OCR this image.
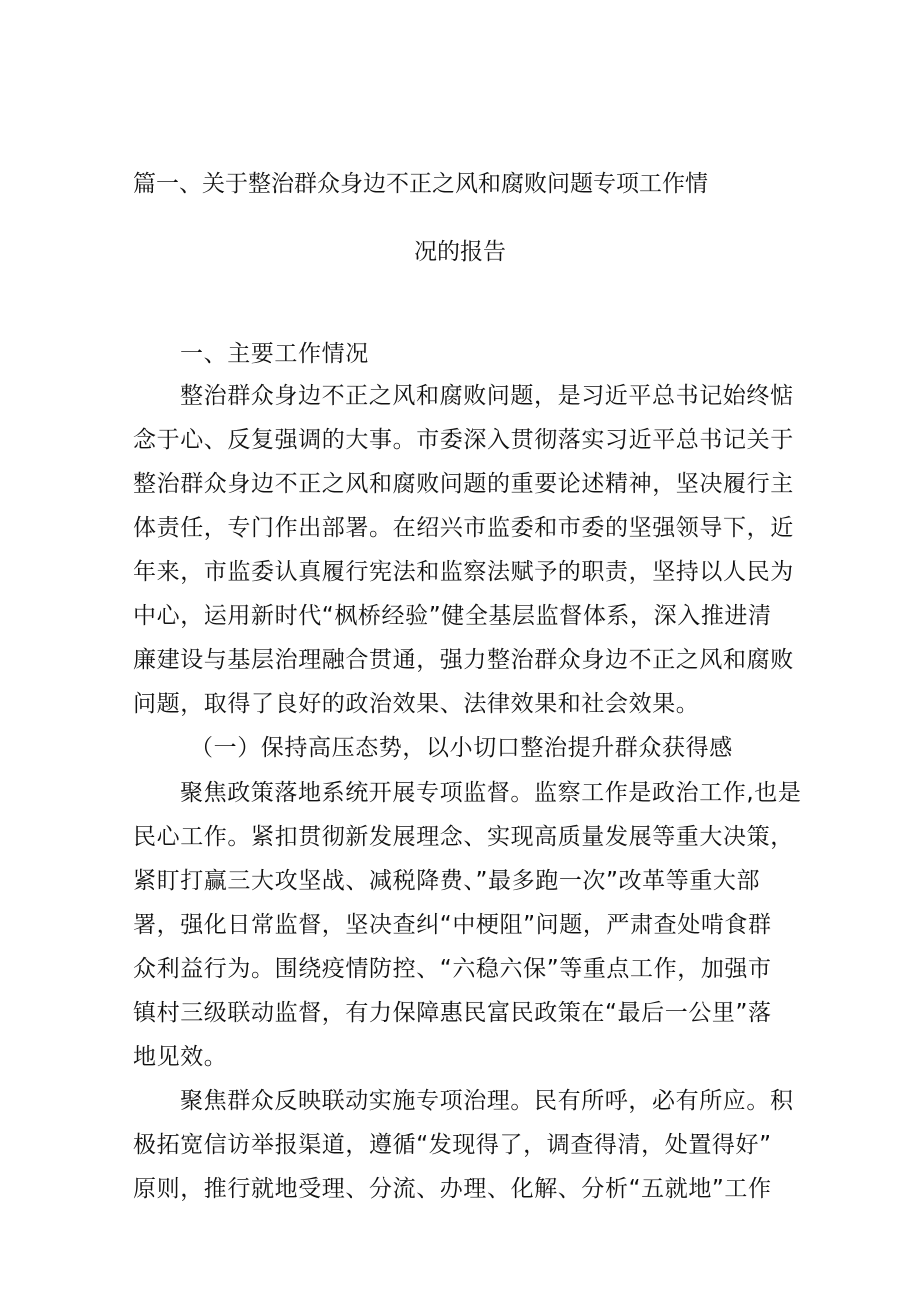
篇一、关于整治群众身边不正之风和腐败问题专项工作情
况的报告
一、主要工作情况
整治群众身边不正之风和腐败问题，是习近平总书记始终惦
念于心、反复强调的大事。市委深入贯彻落实习近平总书记关于
整治群众身边不正之风和腐败问题的重要论述精神，坚决履行主
体责任，专门作出部署。在绍兴市监委和市委的坚强领导下，近
年来，市监委认真履行宪法和监察法赋予的职责，坚持以人民为
中心，运用新时代“枫桥经验”健全基层监督体系，深入推进清
廉建设与基层治理融合贯通，强力整治群众身边不正之风和腐败
问题，取得了良好的政治效果、法律效果和社会效果。
（一）保持高压态势，以小切口整治提升群众获得感
聚焦政策落地系统开展专项监督。监察工作是政治工作,也是
民心工作。紧扣贯彻新发展理念、实现高质量发展等重大决策，
紧盯打赢三大攻坚战、减税降费、”最多跑一次”改革等重大部
署，强化日常监督，坚决查纠“中梗阻”问题，严肃查处啃食群
众利益行为。围绕疫情防控、“六稳六保”等重点工作，加强市
镇村三级联动监督，有力保障惠民富民政策在“最后一公里”落
地见效。
聚焦群众反映联动实施专项治理。民有所呼，必有所应。积
极拓宽信访举报渠道，遵循“发现得了，调查得清，处置得好”
原则，推行就地受理、分流、办理、化解、分析“五就地”工作
